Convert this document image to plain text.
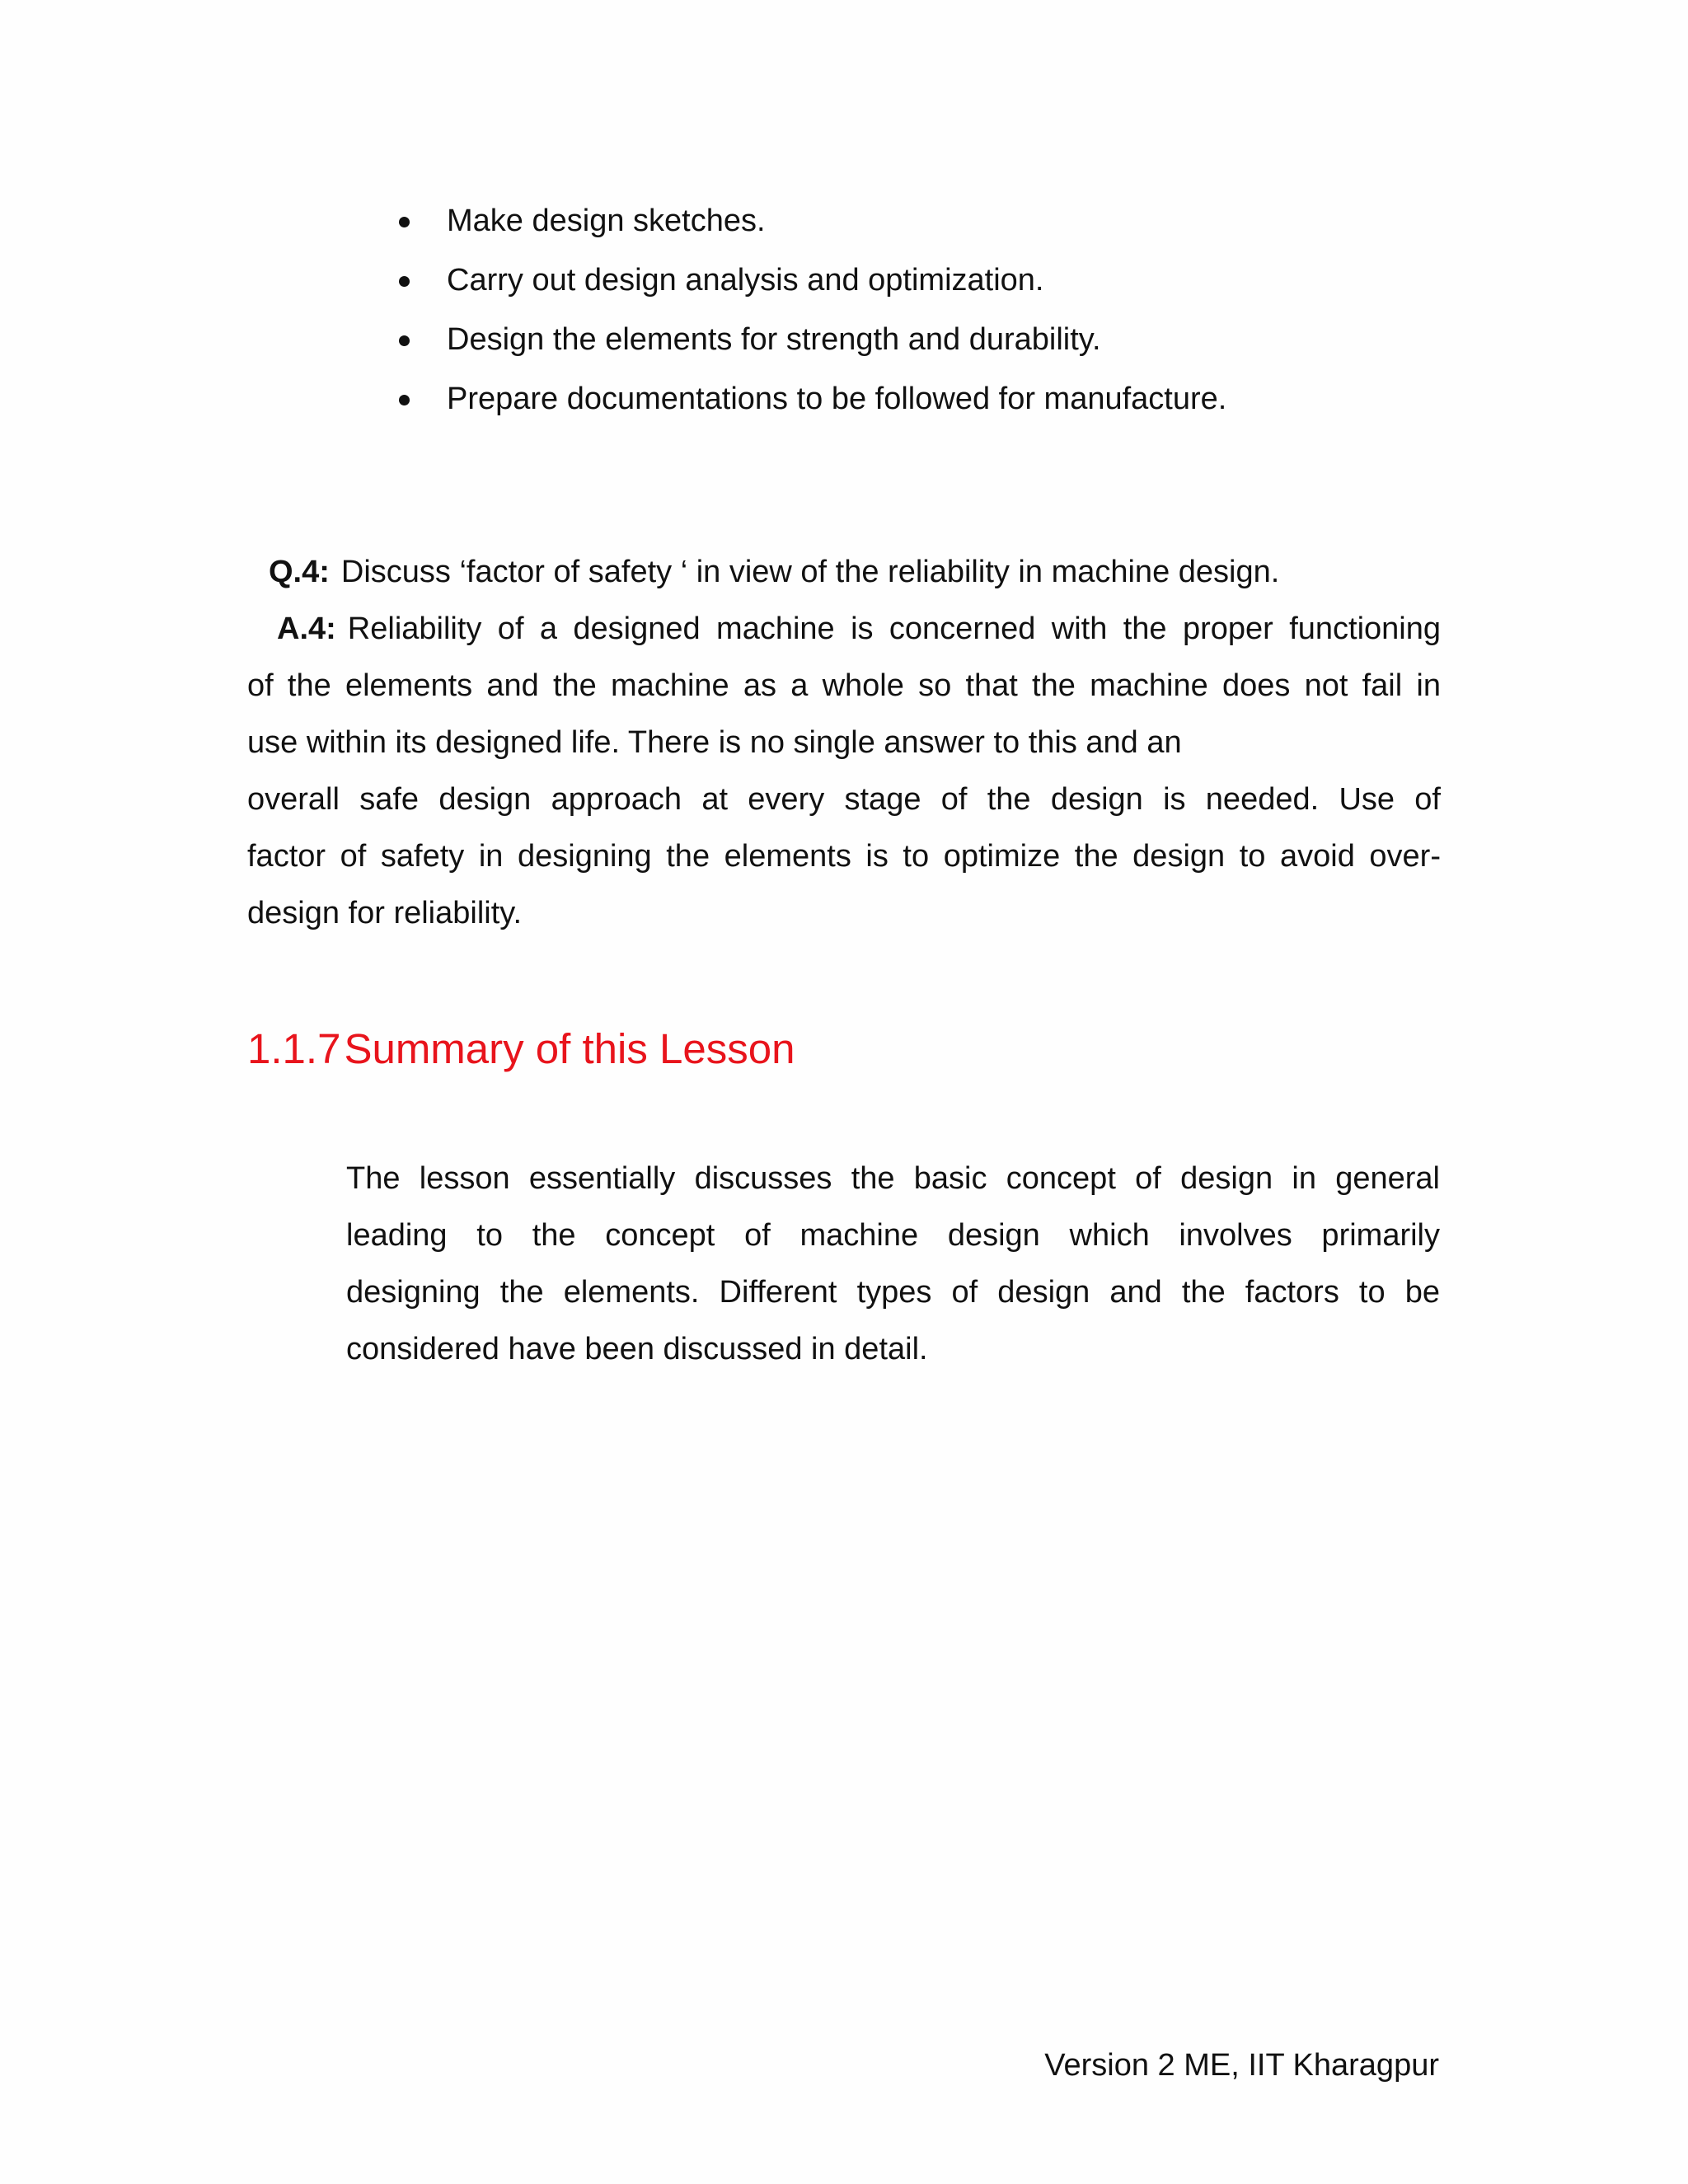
Make design sketches.
Carry out design analysis and optimization.
Design the elements for strength and durability.
Prepare documentations to be followed for manufacture.
Q.4: Discuss ‘factor of safety ‘ in view of the reliability in machine design.
A.4: Reliability of a designed machine is concerned with the proper functioning
of the elements and the machine as a whole so that the machine does not fail in
use within its designed life. There is no single answer to this and an
overall safe design approach at every stage of the design is needed. Use of
factor of safety in designing the elements is to optimize the design to avoid over-
design for reliability.
1.1.7Summary of this Lesson
The lesson essentially discusses the basic concept of design in general
leading to the concept of machine design which involves primarily
designing the elements. Different types of design and the factors to be
considered have been discussed in detail.
Version 2 ME, IIT Kharagpur
